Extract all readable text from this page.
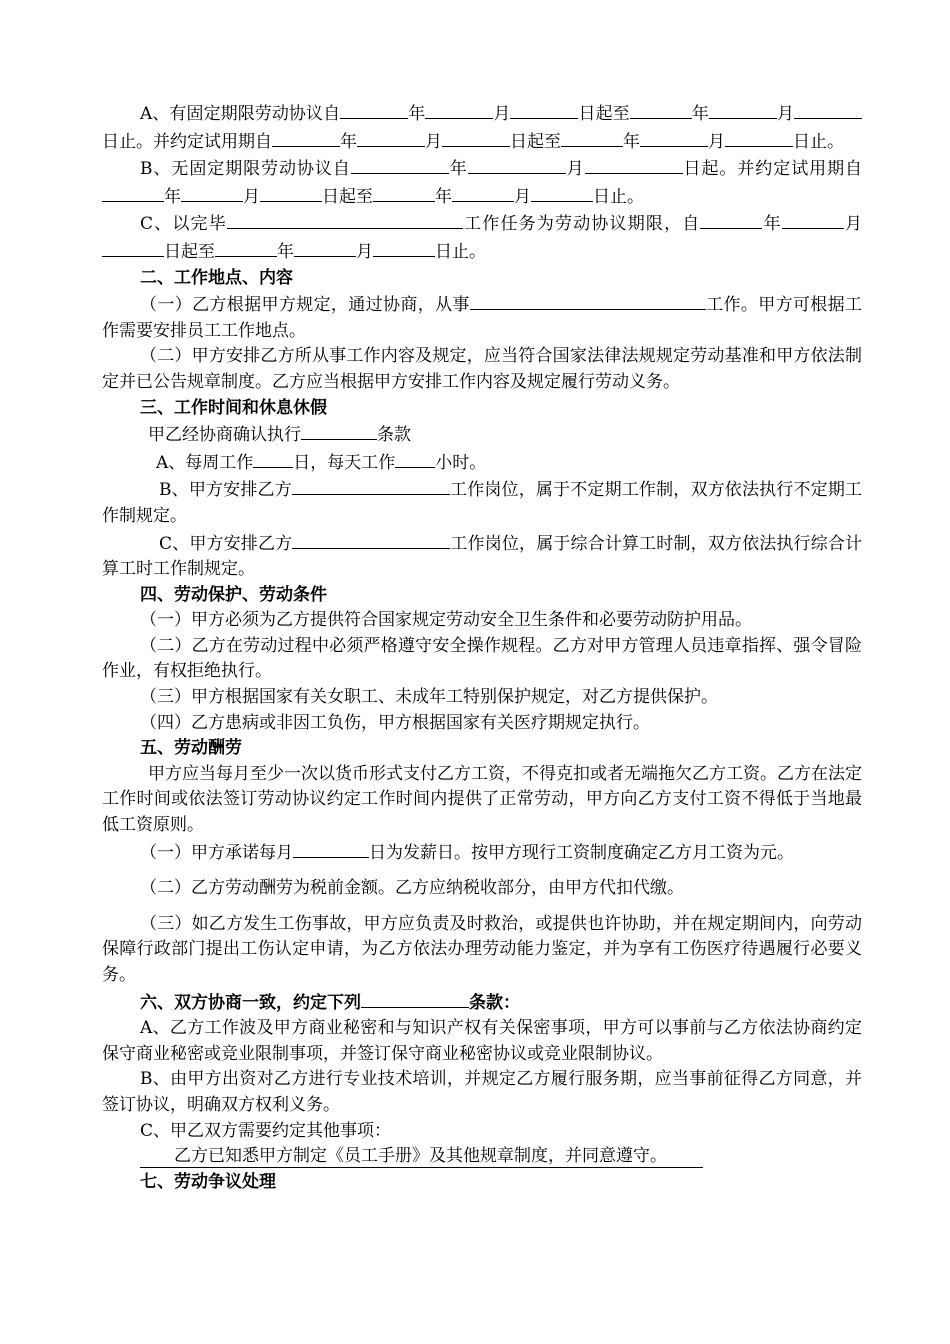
A、有固定期限劳动协议自	年	月	日起至	年	月日止。并约定试用期自	年	月	日起至	年	月	日止。

B、无固定期限劳动协议自	年	月	日起。并约定试用期自年	月	日起至	年	月	日止。

C、以完毕	工作任务为劳动协议期限，自	年	月日起至	年	月	日止。

二、工作地点、内容

（一）乙方根据甲方规定，通过协商，从事	工作。甲方可根据工作需要安排员工工作地点。

（二）甲方安排乙方所从事工作内容及规定，应当符合国家法律法规规定劳动基准和甲方依法制定并已公告规章制度。乙方应当根据甲方安排工作内容及规定履行劳动义务。

三、工作时间和休息休假

甲乙经协商确认执行	条款

A、每周工作 日，每天工作 小时。

B、甲方安排乙方	工作岗位，属于不定期工作制，双方依法执行不定期工作制规定。

C、甲方安排乙方	工作岗位，属于综合计算工时制，双方依法执行综合计算工时工作制规定。

四、劳动保护、劳动条件

（一）甲方必须为乙方提供符合国家规定劳动安全卫生条件和必要劳动防护用品。

（二）乙方在劳动过程中必须严格遵守安全操作规程。乙方对甲方管理人员违章指挥、强令冒险作业，有权拒绝执行。

（三）甲方根据国家有关女职工、未成年工特别保护规定，对乙方提供保护。

（四）乙方患病或非因工负伤，甲方根据国家有关医疗期规定执行。

五、劳动酬劳

甲方应当每月至少一次以货币形式支付乙方工资，不得克扣或者无端拖欠乙方工资。乙方在法定工作时间或依法签订劳动协议约定工作时间内提供了正常劳动，甲方向乙方支付工资不得低于当地最低工资原则。

（一）甲方承诺每月	日为发薪日。按甲方现行工资制度确定乙方月工资为元。

（二）乙方劳动酬劳为税前金额。乙方应纳税收部分，由甲方代扣代缴。

（三）如乙方发生工伤事故，甲方应负责及时救治，或提供也许协助，并在规定期间内，向劳动保障行政部门提出工伤认定申请，为乙方依法办理劳动能力鉴定，并为享有工伤医疗待遇履行必要义务。

六、双方协商一致，约定下列	条款：

A、乙方工作波及甲方商业秘密和与知识产权有关保密事项，甲方可以事前与乙方依法协商约定保守商业秘密或竞业限制事项，并签订保守商业秘密协议或竞业限制协议。

B、由甲方出资对乙方进行专业技术培训，并规定乙方履行服务期，应当事前征得乙方同意，并签订协议，明确双方权利义务。

C、甲乙双方需要约定其他事项：

乙方已知悉甲方制定《员工手册》及其他规章制度，并同意遵守。

七、劳动争议处理
